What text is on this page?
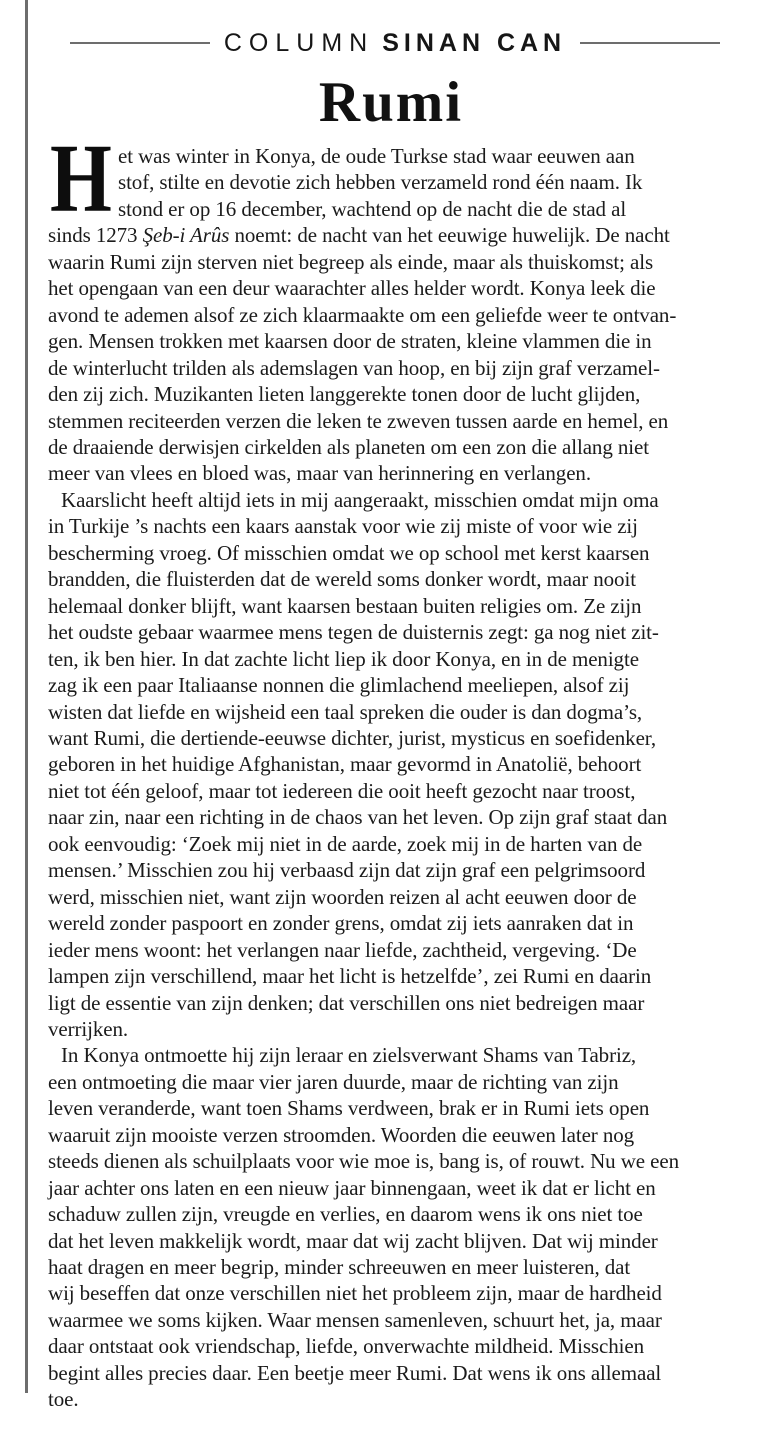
COLUMN SINAN CAN
Rumi
H et was winter in Konya, de oude Turkse stad waar eeuwen aan
stof, stilte en devotie zich hebben verzameld rond één naam. Ik
stond er op 16 december, wachtend op de nacht die de stad al
sinds 1273 Şeb-i Arûs noemt: de nacht van het eeuwige huwelijk. De nacht
waarin Rumi zijn sterven niet begreep als einde, maar als thuiskomst; als
het opengaan van een deur waarachter alles helder wordt. Konya leek die
avond te ademen alsof ze zich klaarmaakte om een geliefde weer te ontvan-
gen. Mensen trokken met kaarsen door de straten, kleine vlammen die in
de winterlucht trilden als ademslagen van hoop, en bij zijn graf verzamel-
den zij zich. Muzikanten lieten langgerekte tonen door de lucht glijden,
stemmen reciteerden verzen die leken te zweven tussen aarde en hemel, en
de draaiende derwisjen cirkelden als planeten om een zon die allang niet
meer van vlees en bloed was, maar van herinnering en verlangen.
Kaarslicht heeft altijd iets in mij aangeraakt, misschien omdat mijn oma
in Turkije ’s nachts een kaars aanstak voor wie zij miste of voor wie zij
bescherming vroeg. Of misschien omdat we op school met kerst kaarsen
brandden, die fluisterden dat de wereld soms donker wordt, maar nooit
helemaal donker blijft, want kaarsen bestaan buiten religies om. Ze zijn
het oudste gebaar waarmee mens tegen de duisternis zegt: ga nog niet zit-
ten, ik ben hier. In dat zachte licht liep ik door Konya, en in de menigte
zag ik een paar Italiaanse nonnen die glimlachend meeliepen, alsof zij
wisten dat liefde en wijsheid een taal spreken die ouder is dan dogma’s,
want Rumi, die dertiende-eeuwse dichter, jurist, mysticus en soefidenker,
geboren in het huidige Afghanistan, maar gevormd in Anatolië, behoort
niet tot één geloof, maar tot iedereen die ooit heeft gezocht naar troost,
naar zin, naar een richting in de chaos van het leven. Op zijn graf staat dan
ook eenvoudig: ‘Zoek mij niet in de aarde, zoek mij in de harten van de
mensen.’ Misschien zou hij verbaasd zijn dat zijn graf een pelgrimsoord
werd, misschien niet, want zijn woorden reizen al acht eeuwen door de
wereld zonder paspoort en zonder grens, omdat zij iets aanraken dat in
ieder mens woont: het verlangen naar liefde, zachtheid, vergeving. ‘De
lampen zijn verschillend, maar het licht is hetzelfde’, zei Rumi en daarin
ligt de essentie van zijn denken; dat verschillen ons niet bedreigen maar
verrijken.
In Konya ontmoette hij zijn leraar en zielsverwant Shams van Tabriz,
een ontmoeting die maar vier jaren duurde, maar de richting van zijn
leven veranderde, want toen Shams verdween, brak er in Rumi iets open
waaruit zijn mooiste verzen stroomden. Woorden die eeuwen later nog
steeds dienen als schuilplaats voor wie moe is, bang is, of rouwt. Nu we een
jaar achter ons laten en een nieuw jaar binnengaan, weet ik dat er licht en
schaduw zullen zijn, vreugde en verlies, en daarom wens ik ons niet toe
dat het leven makkelijk wordt, maar dat wij zacht blijven. Dat wij minder
haat dragen en meer begrip, minder schreeuwen en meer luisteren, dat
wij beseffen dat onze verschillen niet het probleem zijn, maar de hardheid
waarmee we soms kijken. Waar mensen samenleven, schuurt het, ja, maar
daar ontstaat ook vriendschap, liefde, onverwachte mildheid. Misschien
begint alles precies daar. Een beetje meer Rumi. Dat wens ik ons allemaal
toe.
